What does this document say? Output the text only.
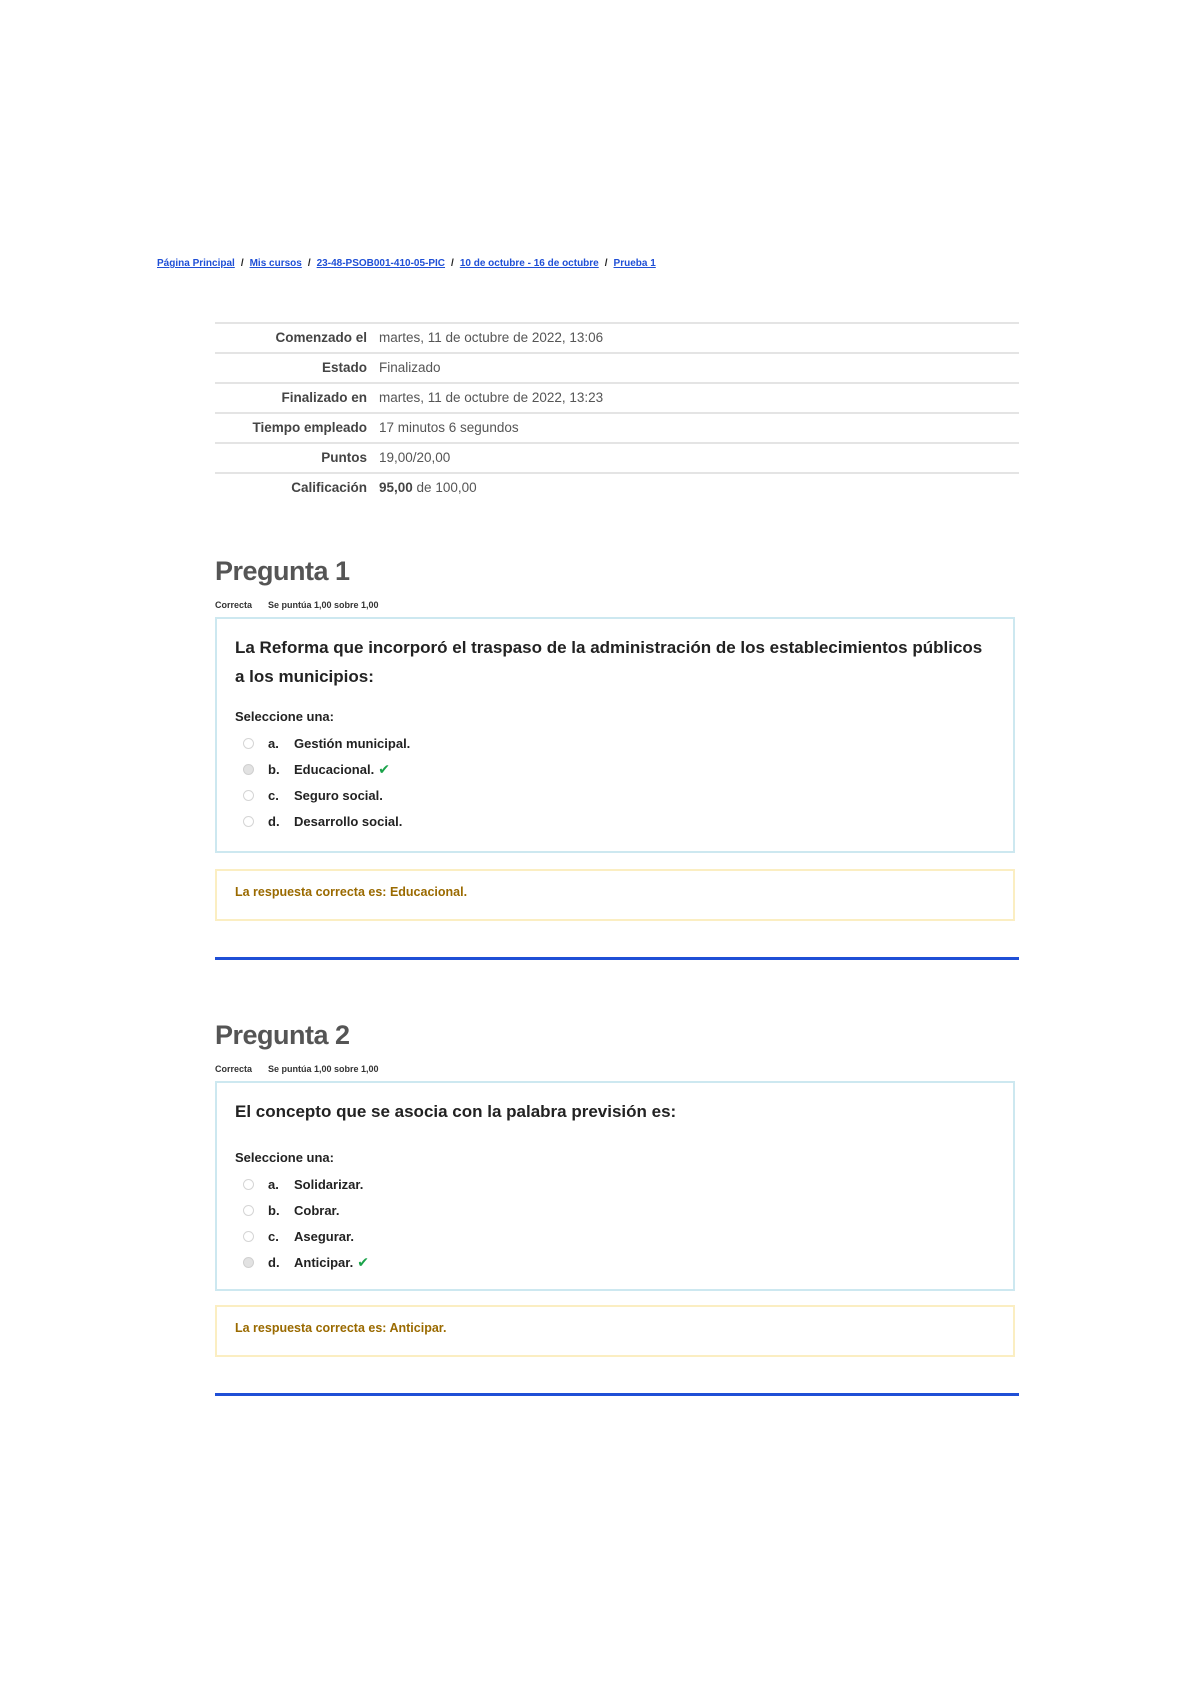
Página Principal / Mis cursos / 23-48-PSOB001-410-05-PIC / 10 de octubre - 16 de octubre / Prueba 1
Comenzado el	martes, 11 de octubre de 2022, 13:06
Estado	Finalizado
Finalizado en	martes, 11 de octubre de 2022, 13:23
Tiempo empleado	17 minutos 6 segundos
Puntos	19,00/20,00
Calificación	95,00 de 100,00
Pregunta 1
Correcta Se puntúa 1,00 sobre 1,00

La Reforma que incorporó el traspaso de la administración de los establecimientos públicos a los municipios:

Seleccione una:
a.	Gestión municipal.
b.	Educacional. ✔
c.	Seguro social.
d.	Desarrollo social.
La respuesta correcta es: Educacional.
Pregunta 2
Correcta Se puntúa 1,00 sobre 1,00

El concepto que se asocia con la palabra previsión es:

Seleccione una:
a.	Solidarizar.
b.	Cobrar.
c.	Asegurar.
d.	Anticipar. ✔
La respuesta correcta es: Anticipar.
